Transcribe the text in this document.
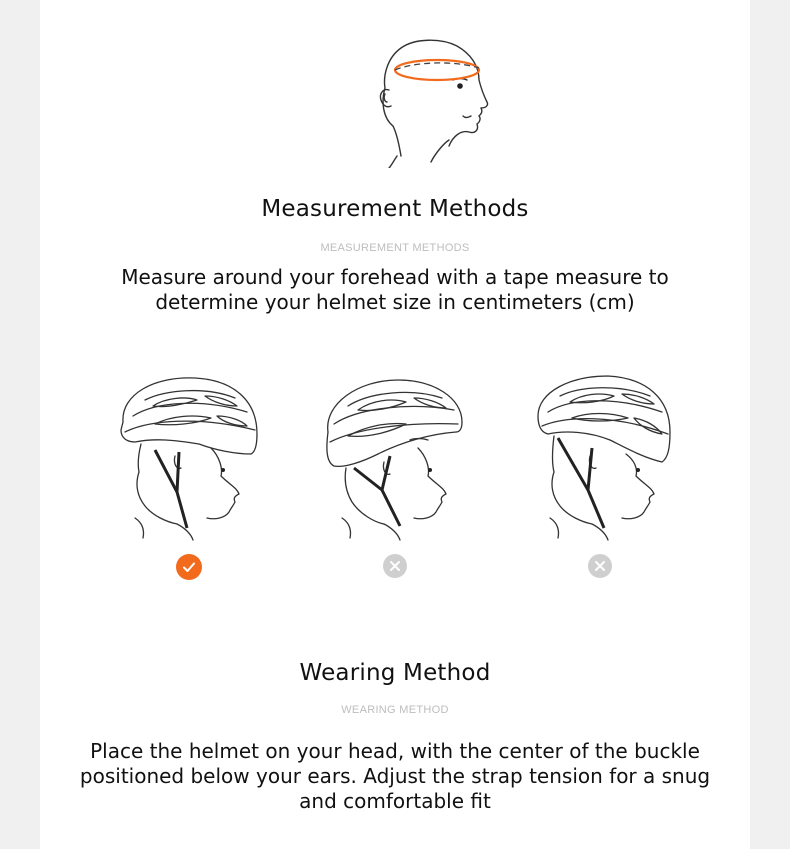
Measurement Methods
MEASUREMENT METHODS
Measure around your forehead with a tape measure to
determine your helmet size in centimeters (cm)
Wearing Method
WEARING METHOD
Place the helmet on your head, with the center of the buckle
positioned below your ears. Adjust the strap tension for a snug
and comfortable fit
